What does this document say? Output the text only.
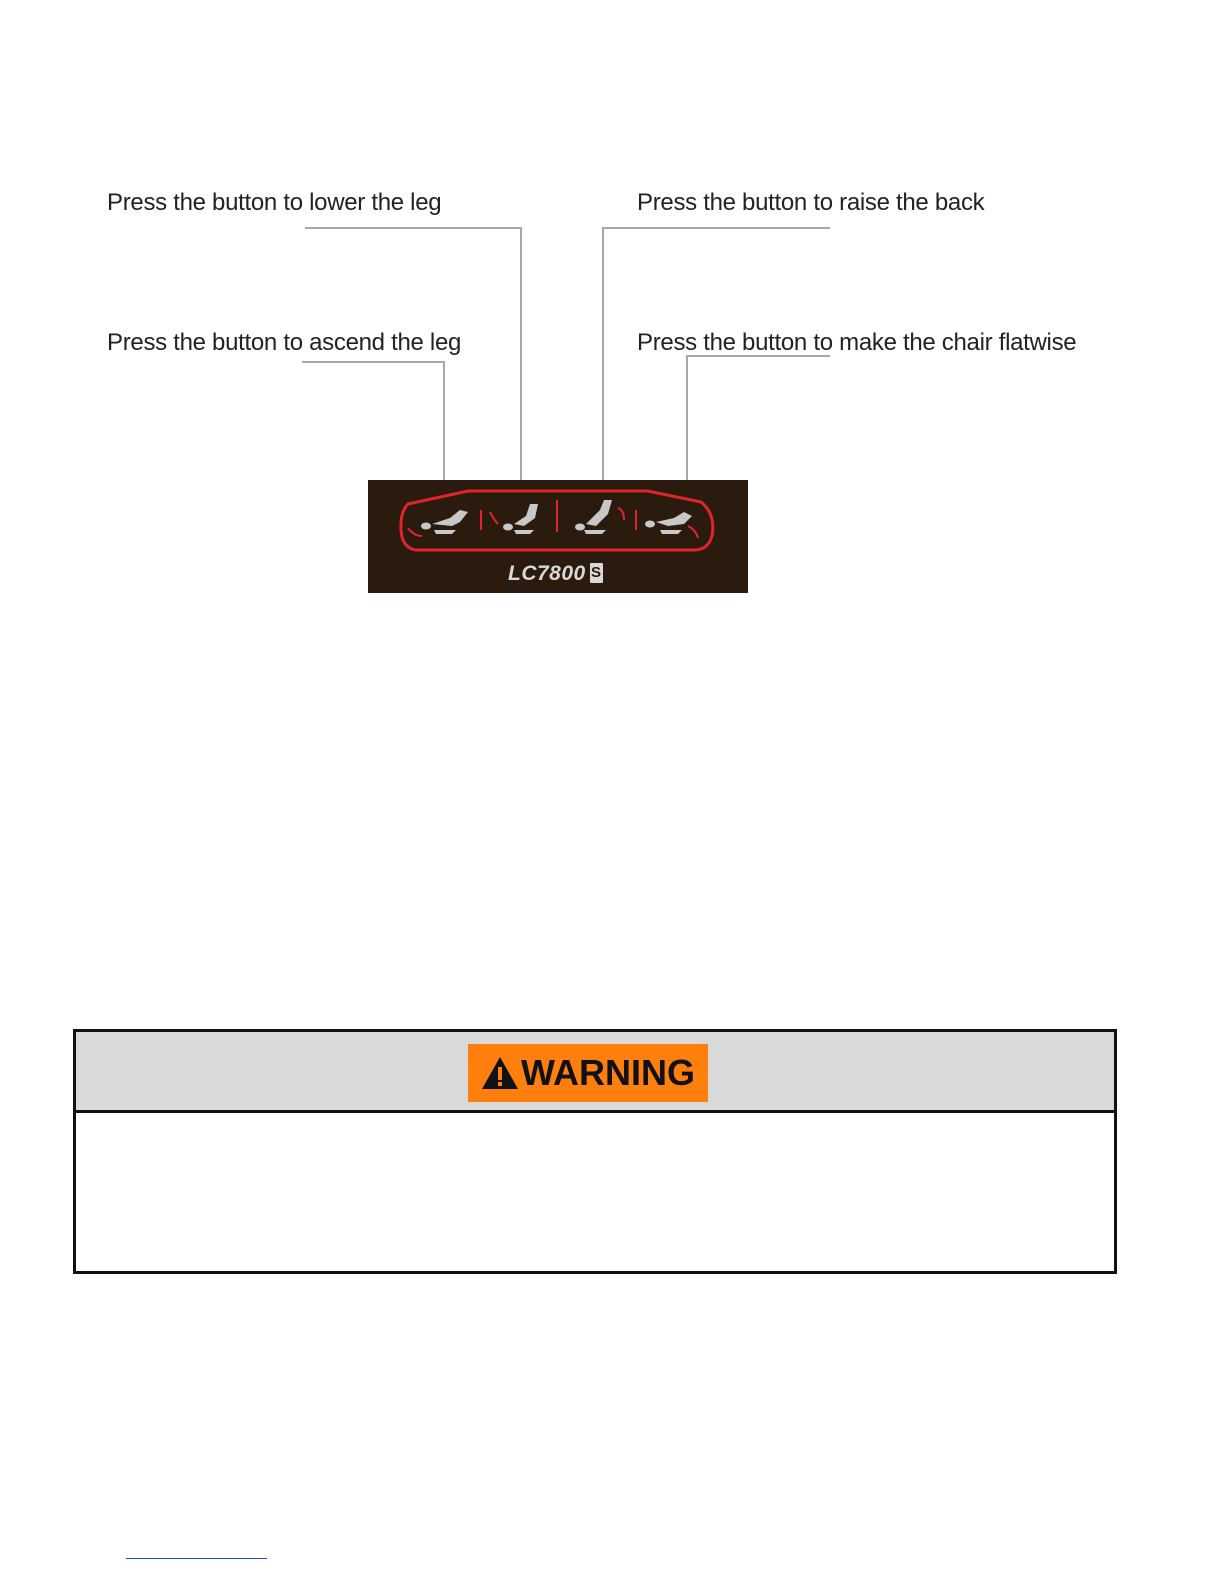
Press the button to lower the leg	Press the button to raise the back
Press the button to ascend the leg	Press the button to make the chair flatwise
LC7800 S
WARNING
